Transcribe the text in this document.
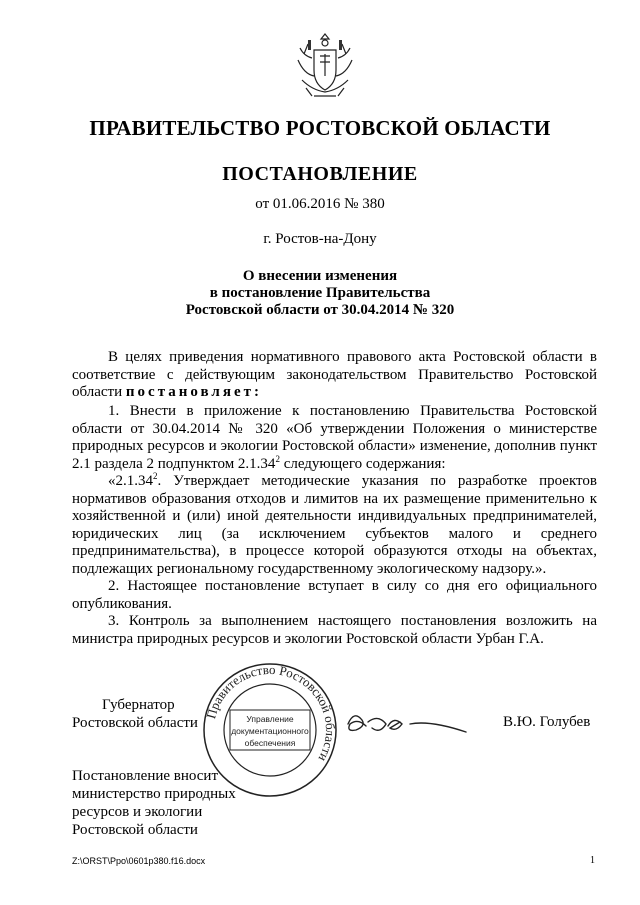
ПРАВИТЕЛЬСТВО РОСТОВСКОЙ ОБЛАСТИ
ПОСТАНОВЛЕНИЕ
от 01.06.2016 № 380
г. Ростов-на-Дону
О внесении изменения
в постановление Правительства
Ростовской области от 30.04.2014 № 320

В целях приведения нормативного правового акта Ростовской области в соответствие с действующим законодательством Правительство Ростовской области постановляет:

1. Внести в приложение к постановлению Правительства Ростовской области от 30.04.2014 № 320 «Об утверждении Положения о министерстве природных ресурсов и экологии Ростовской области» изменение, дополнив пункт 2.1 раздела 2 подпунктом 2.1.34$^2$ следующего содержания:

«2.1.34$^2$. Утверждает методические указания по разработке проектов нормативов образования отходов и лимитов на их размещение применительно к хозяйственной и (или) иной деятельности индивидуальных предпринимателей, юридических лиц (за исключением субъектов малого и среднего предпринимательства), в процессе которой образуются отходы на объектах, подлежащих региональному государственному экологическому надзору.».

2. Настоящее постановление вступает в силу со дня его официального опубликования.

3. Контроль за выполнением настоящего постановления возложить на министра природных ресурсов и экологии Ростовской области Урбан Г.А.

Губернатор
Ростовской области
Правительство Ростовской области
Управление
документационного
обеспечения
В.Ю. Голубев
Постановление вносит
министерство природных
ресурсов и экологии
Ростовской области
Z:\ORST\Ppo\0601p380.f16.docx	1
